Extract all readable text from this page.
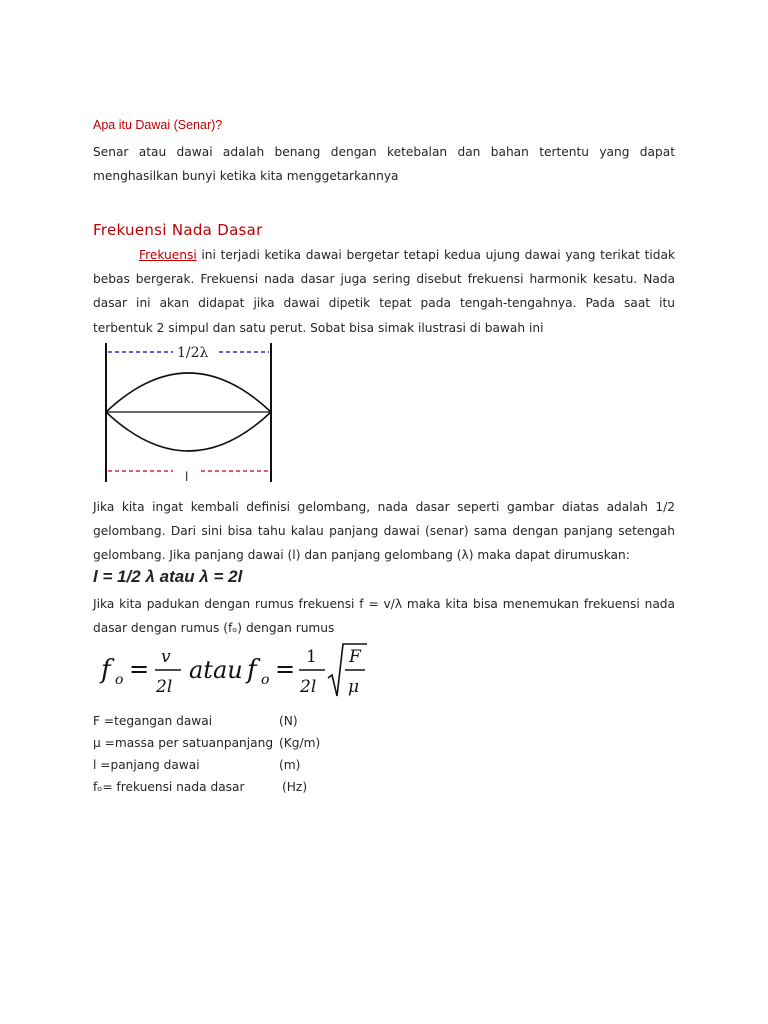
Apa itu Dawai (Senar)?

Senar atau dawai adalah benang dengan ketebalan dan bahan tertentu yang dapat menghasilkan bunyi ketika kita menggetarkannya

Frekuensi Nada Dasar

Frekuensi ini terjadi ketika dawai bergetar tetapi kedua ujung dawai yang terikat tidak bebas bergerak. Frekuensi nada dasar juga sering disebut frekuensi harmonik kesatu. Nada dasar ini akan didapat jika dawai dipetik tepat pada tengah-tengahnya. Pada saat itu terbentuk 2 simpul dan satu perut. Sobat bisa simak ilustrasi di bawah ini

1/2λ
l

Jika kita ingat kembali definisi gelombang, nada dasar seperti gambar diatas adalah 1/2 gelombang. Dari sini bisa tahu kalau panjang dawai (senar) sama dengan panjang setengah gelombang. Jika panjang dawai (l) dan panjang gelombang (λ) maka dapat dirumuskan:

l = 1/2 λ atau λ = 2l

Jika kita padukan dengan rumus frekuensi f = v/λ maka kita bisa menemukan frekuensi nada dasar dengan rumus (fₒ) dengan rumus

f o = v
2l
atau f o = 1
2l
F
μ
F =tegangan dawai	(N)
μ =massa per satuanpanjang (Kg/m)
l =panjang dawai	(m)
fₒ= frekuensi nada dasar	(Hz)
